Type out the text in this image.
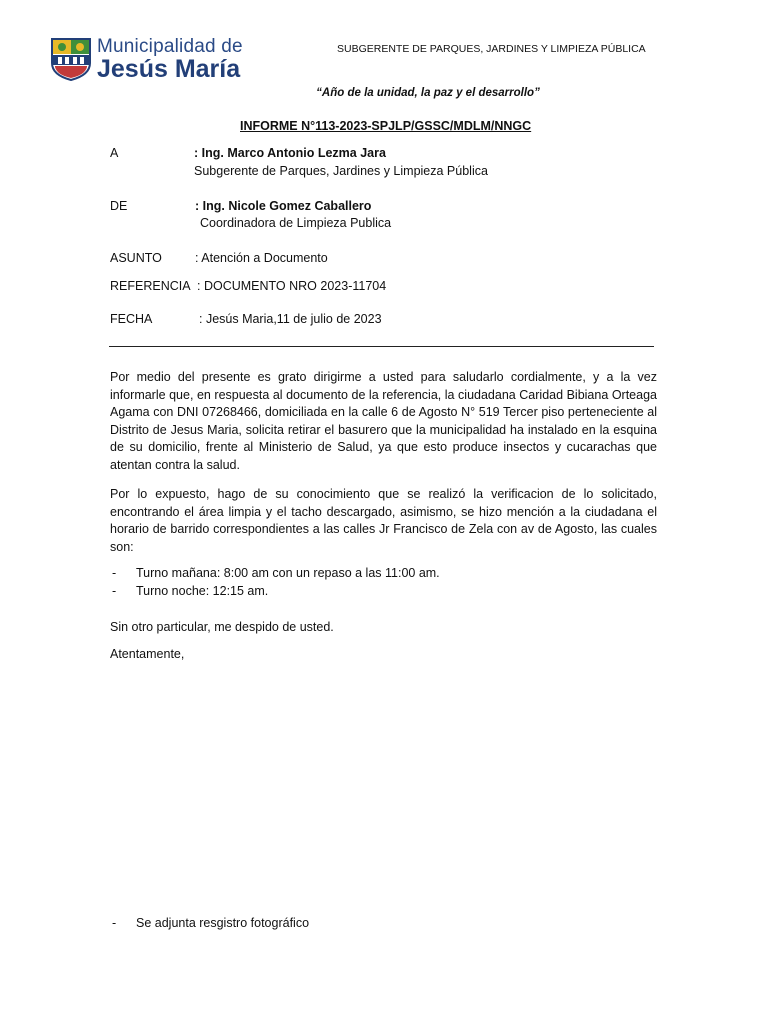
Municipalidad de
Jesús María
SUBGERENTE DE PARQUES, JARDINES Y LIMPIEZA PÚBLICA
“Año de la unidad, la paz y el desarrollo”
INFORME N°113-2023-SPJLP/GSSC/MDLM/NNGC
A	: Ing. Marco Antonio Lezma Jara
Subgerente de Parques, Jardines y Limpieza Pública
DE	: Ing. Nicole Gomez Caballero
Coordinadora de Limpieza Publica
ASUNTO	: Atención a Documento
REFERENCIA : DOCUMENTO NRO 2023-11704
FECHA	: Jesús Maria,11 de julio de 2023
Por medio del presente es grato dirigirme a usted para saludarlo cordialmente, y a la vez informarle que, en respuesta al documento de la referencia, la ciudadana Caridad Bibiana Orteaga Agama con DNI 07268466, domiciliada en la calle 6 de Agosto N° 519 Tercer piso perteneciente al Distrito de Jesus Maria, solicita retirar el basurero que la municipalidad ha instalado en la esquina de su domicilio, frente al Ministerio de Salud, ya que esto produce insectos y cucarachas que atentan contra la salud.
Por lo expuesto, hago de su conocimiento que se realizó la verificacion de lo solicitado, encontrando el área limpia y el tacho descargado, asimismo, se hizo mención a la ciudadana el horario de barrido correspondientes a las calles Jr Francisco de Zela con av de Agosto, las cuales son:
- Turno mañana: 8:00 am con un repaso a las 11:00 am.
- Turno noche: 12:15 am.
Sin otro particular, me despido de usted.
Atentamente,
- Se adjunta resgistro fotográfico
